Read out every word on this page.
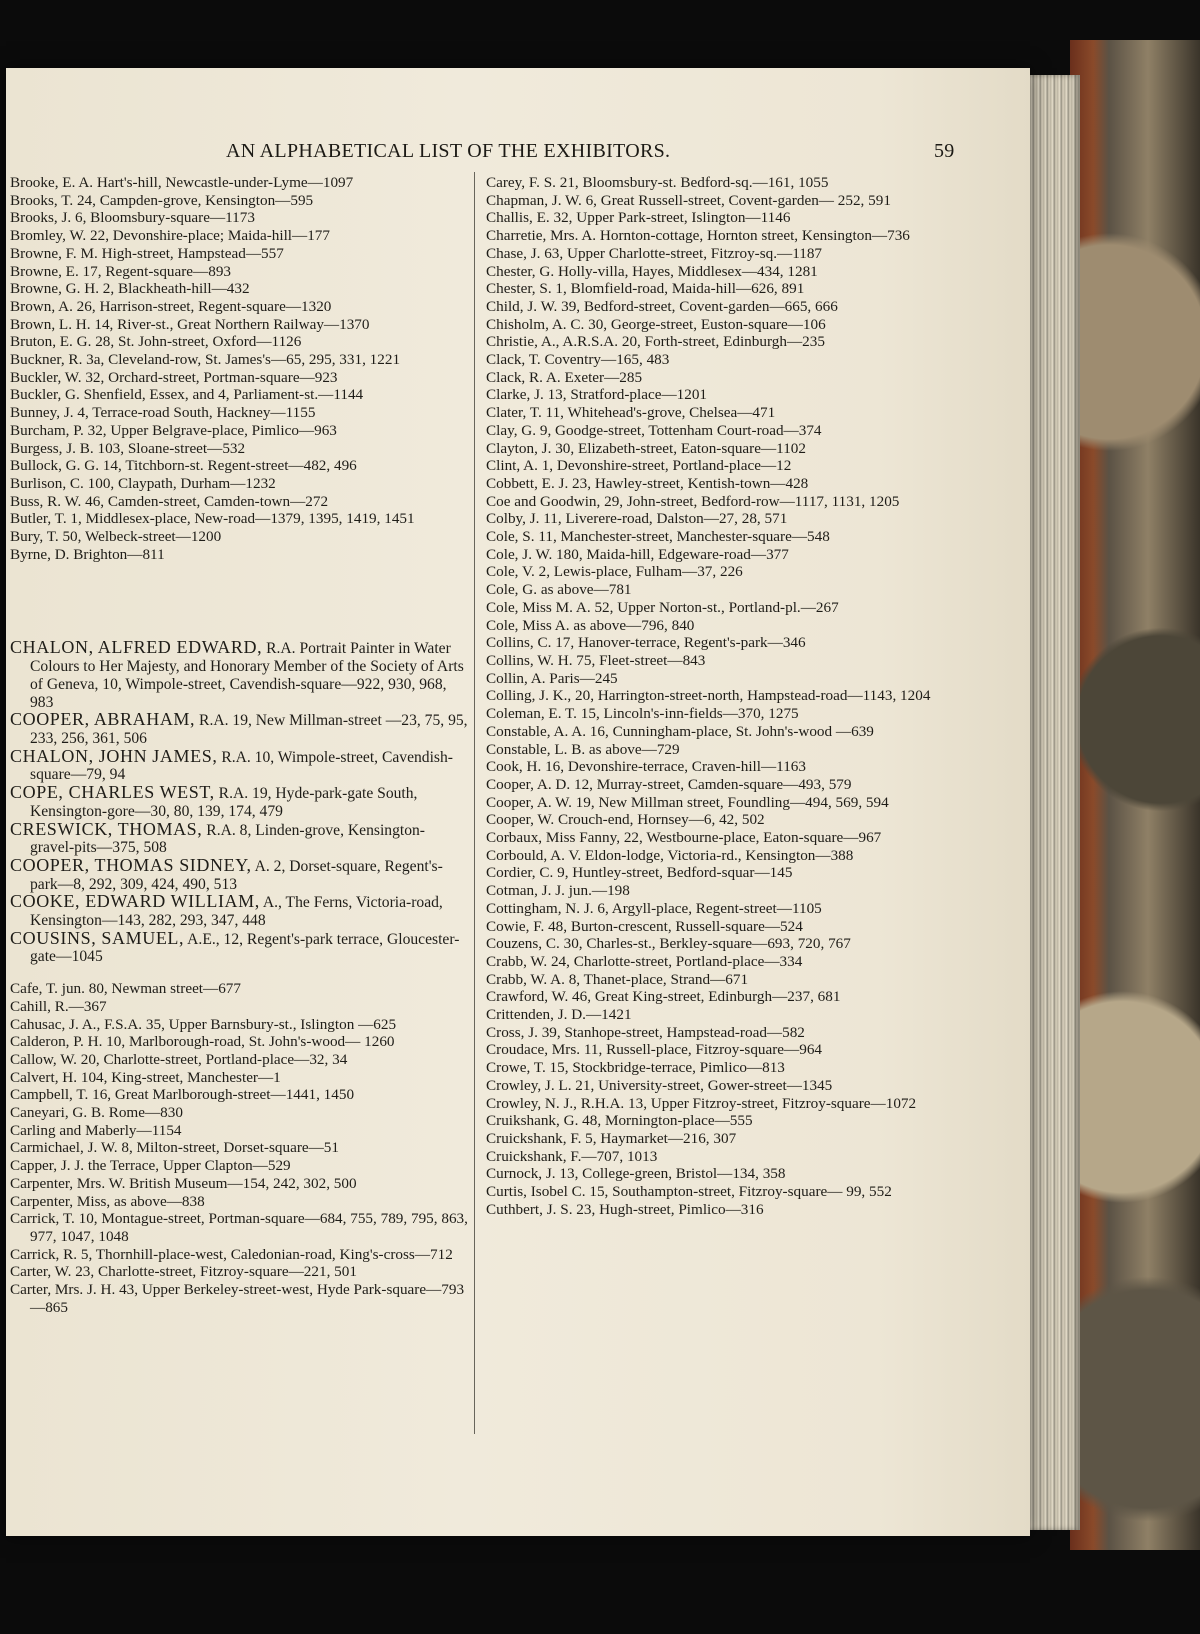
AN ALPHABETICAL LIST OF THE EXHIBITORS.	59

Brooke, E. A. Hart's-hill, Newcastle-under-Lyme—1097

Brooks, T. 24, Campden-grove, Kensington—595

Brooks, J. 6, Bloomsbury-square—1173

Bromley, W. 22, Devonshire-place; Maida-hill—177

Browne, F. M. High-street, Hampstead—557

Browne, E. 17, Regent-square—893

Browne, G. H. 2, Blackheath-hill—432

Brown, A. 26, Harrison-street, Regent-square—1320

Brown, L. H. 14, River-st., Great Northern Railway—1370

Bruton, E. G. 28, St. John-street, Oxford—1126

Buckner, R. 3a, Cleveland-row, St. James's—65, 295, 331, 1221

Buckler, W. 32, Orchard-street, Portman-square—923

Buckler, G. Shenfield, Essex, and 4, Parliament-st.—1144

Bunney, J. 4, Terrace-road South, Hackney—1155

Burcham, P. 32, Upper Belgrave-place, Pimlico—963

Burgess, J. B. 103, Sloane-street—532

Bullock, G. G. 14, Titchborn-st. Regent-street—482, 496

Burlison, C. 100, Claypath, Durham—1232

Buss, R. W. 46, Camden-street, Camden-town—272

Butler, T. 1, Middlesex-place, New-road—1379, 1395, 1419, 1451

Bury, T. 50, Welbeck-street—1200

Byrne, D. Brighton—811

CHALON, ALFRED EDWARD, R.A. Portrait Painter in Water Colours to Her Majesty, and Honorary Member of the Society of Arts of Geneva, 10, Wimpole-street, Cavendish-square—922, 930, 968, 983

COOPER, ABRAHAM, R.A. 19, New Millman-street —23, 75, 95, 233, 256, 361, 506

CHALON, JOHN JAMES, R.A. 10, Wimpole-street, Cavendish-square—79, 94

COPE, CHARLES WEST, R.A. 19, Hyde-park-gate South, Kensington-gore—30, 80, 139, 174, 479

CRESWICK, THOMAS, R.A. 8, Linden-grove, Kensington-gravel-pits—375, 508

COOPER, THOMAS SIDNEY, A. 2, Dorset-square, Regent's-park—8, 292, 309, 424, 490, 513

COOKE, EDWARD WILLIAM, A., The Ferns, Victoria-road, Kensington—143, 282, 293, 347, 448

COUSINS, SAMUEL, A.E., 12, Regent's-park terrace, Gloucester-gate—1045

Cafe, T. jun. 80, Newman street—677

Cahill, R.—367

Cahusac, J. A., F.S.A. 35, Upper Barnsbury-st., Islington —625

Calderon, P. H. 10, Marlborough-road, St. John's-wood— 1260

Callow, W. 20, Charlotte-street, Portland-place—32, 34

Calvert, H. 104, King-street, Manchester—1

Campbell, T. 16, Great Marlborough-street—1441, 1450

Caneyari, G. B. Rome—830

Carling and Maberly—1154

Carmichael, J. W. 8, Milton-street, Dorset-square—51

Capper, J. J. the Terrace, Upper Clapton—529

Carpenter, Mrs. W. British Museum—154, 242, 302, 500

Carpenter, Miss, as above—838

Carrick, T. 10, Montague-street, Portman-square—684, 755, 789, 795, 863, 977, 1047, 1048

Carrick, R. 5, Thornhill-place-west, Caledonian-road, King's-cross—712

Carter, W. 23, Charlotte-street, Fitzroy-square—221, 501

Carter, Mrs. J. H. 43, Upper Berkeley-street-west, Hyde Park-square—793—865

Carey, F. S. 21, Bloomsbury-st. Bedford-sq.—161, 1055

Chapman, J. W. 6, Great Russell-street, Covent-garden— 252, 591

Challis, E. 32, Upper Park-street, Islington—1146

Charretie, Mrs. A. Hornton-cottage, Hornton street, Kensington—736

Chase, J. 63, Upper Charlotte-street, Fitzroy-sq.—1187

Chester, G. Holly-villa, Hayes, Middlesex—434, 1281

Chester, S. 1, Blomfield-road, Maida-hill—626, 891

Child, J. W. 39, Bedford-street, Covent-garden—665, 666

Chisholm, A. C. 30, George-street, Euston-square—106

Christie, A., A.R.S.A. 20, Forth-street, Edinburgh—235

Clack, T. Coventry—165, 483

Clack, R. A. Exeter—285

Clarke, J. 13, Stratford-place—1201

Clater, T. 11, Whitehead's-grove, Chelsea—471

Clay, G. 9, Goodge-street, Tottenham Court-road—374

Clayton, J. 30, Elizabeth-street, Eaton-square—1102

Clint, A. 1, Devonshire-street, Portland-place—12

Cobbett, E. J. 23, Hawley-street, Kentish-town—428

Coe and Goodwin, 29, John-street, Bedford-row—1117, 1131, 1205

Colby, J. 11, Liverere-road, Dalston—27, 28, 571

Cole, S. 11, Manchester-street, Manchester-square—548

Cole, J. W. 180, Maida-hill, Edgeware-road—377

Cole, V. 2, Lewis-place, Fulham—37, 226

Cole, G. as above—781

Cole, Miss M. A. 52, Upper Norton-st., Portland-pl.—267

Cole, Miss A. as above—796, 840

Collins, C. 17, Hanover-terrace, Regent's-park—346

Collins, W. H. 75, Fleet-street—843

Collin, A. Paris—245

Colling, J. K., 20, Harrington-street-north, Hampstead-road—1143, 1204

Coleman, E. T. 15, Lincoln's-inn-fields—370, 1275

Constable, A. A. 16, Cunningham-place, St. John's-wood —639

Constable, L. B. as above—729

Cook, H. 16, Devonshire-terrace, Craven-hill—1163

Cooper, A. D. 12, Murray-street, Camden-square—493, 579

Cooper, A. W. 19, New Millman street, Foundling—494, 569, 594

Cooper, W. Crouch-end, Hornsey—6, 42, 502

Corbaux, Miss Fanny, 22, Westbourne-place, Eaton-square—967

Corbould, A. V. Eldon-lodge, Victoria-rd., Kensington—388

Cordier, C. 9, Huntley-street, Bedford-squar—145

Cotman, J. J. jun.—198

Cottingham, N. J. 6, Argyll-place, Regent-street—1105

Cowie, F. 48, Burton-crescent, Russell-square—524

Couzens, C. 30, Charles-st., Berkley-square—693, 720, 767

Crabb, W. 24, Charlotte-street, Portland-place—334

Crabb, W. A. 8, Thanet-place, Strand—671

Crawford, W. 46, Great King-street, Edinburgh—237, 681

Crittenden, J. D.—1421

Cross, J. 39, Stanhope-street, Hampstead-road—582

Croudace, Mrs. 11, Russell-place, Fitzroy-square—964

Crowe, T. 15, Stockbridge-terrace, Pimlico—813

Crowley, J. L. 21, University-street, Gower-street—1345

Crowley, N. J., R.H.A. 13, Upper Fitzroy-street, Fitzroy-square—1072

Cruikshank, G. 48, Mornington-place—555

Cruickshank, F. 5, Haymarket—216, 307

Cruickshank, F.—707, 1013

Curnock, J. 13, College-green, Bristol—134, 358

Curtis, Isobel C. 15, Southampton-street, Fitzroy-square— 99, 552

Cuthbert, J. S. 23, Hugh-street, Pimlico—316
